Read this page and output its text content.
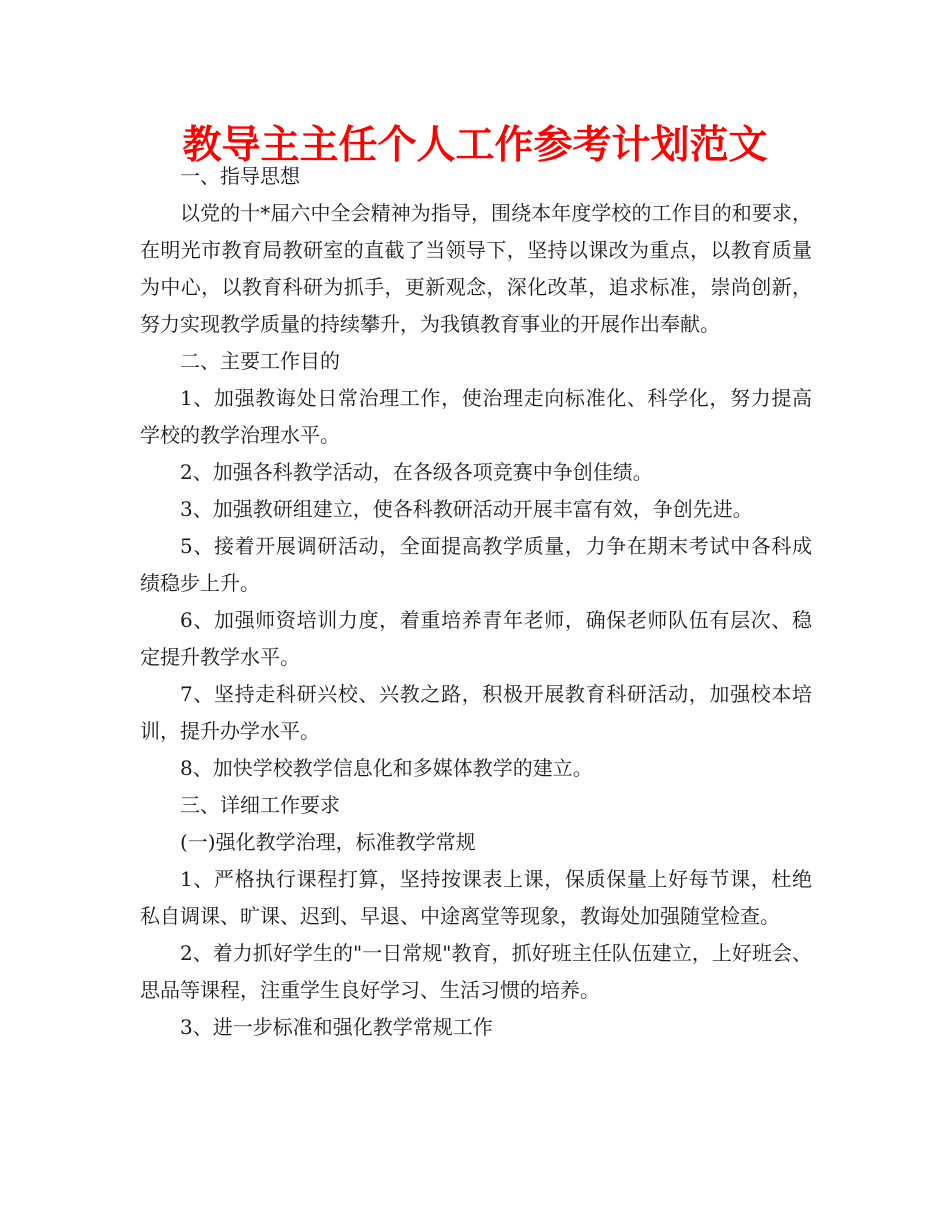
教导主主任个人工作参考计划范文

一、指导思想

以党的十*届六中全会精神为指导，围绕本年度学校的工作目的和要求，在明光市教育局教研室的直截了当领导下，坚持以课改为重点，以教育质量为中心，以教育科研为抓手，更新观念，深化改革，追求标准，崇尚创新，努力实现教学质量的持续攀升，为我镇教育事业的开展作出奉献。

二、主要工作目的

1、加强教诲处日常治理工作，使治理走向标准化、科学化，努力提高学校的教学治理水平。

2、加强各科教学活动，在各级各项竞赛中争创佳绩。

3、加强教研组建立，使各科教研活动开展丰富有效，争创先进。

5、接着开展调研活动，全面提高教学质量，力争在期末考试中各科成绩稳步上升。

6、加强师资培训力度，着重培养青年老师，确保老师队伍有层次、稳定提升教学水平。

7、坚持走科研兴校、兴教之路，积极开展教育科研活动，加强校本培训，提升办学水平。

8、加快学校教学信息化和多媒体教学的建立。

三、详细工作要求

(一)强化教学治理，标准教学常规

1、严格执行课程打算，坚持按课表上课，保质保量上好每节课，杜绝私自调课、旷课、迟到、早退、中途离堂等现象，教诲处加强随堂检查。

2、着力抓好学生的"一日常规"教育，抓好班主任队伍建立，上好班会、思品等课程，注重学生良好学习、生活习惯的培养。

3、进一步标准和强化教学常规工作
